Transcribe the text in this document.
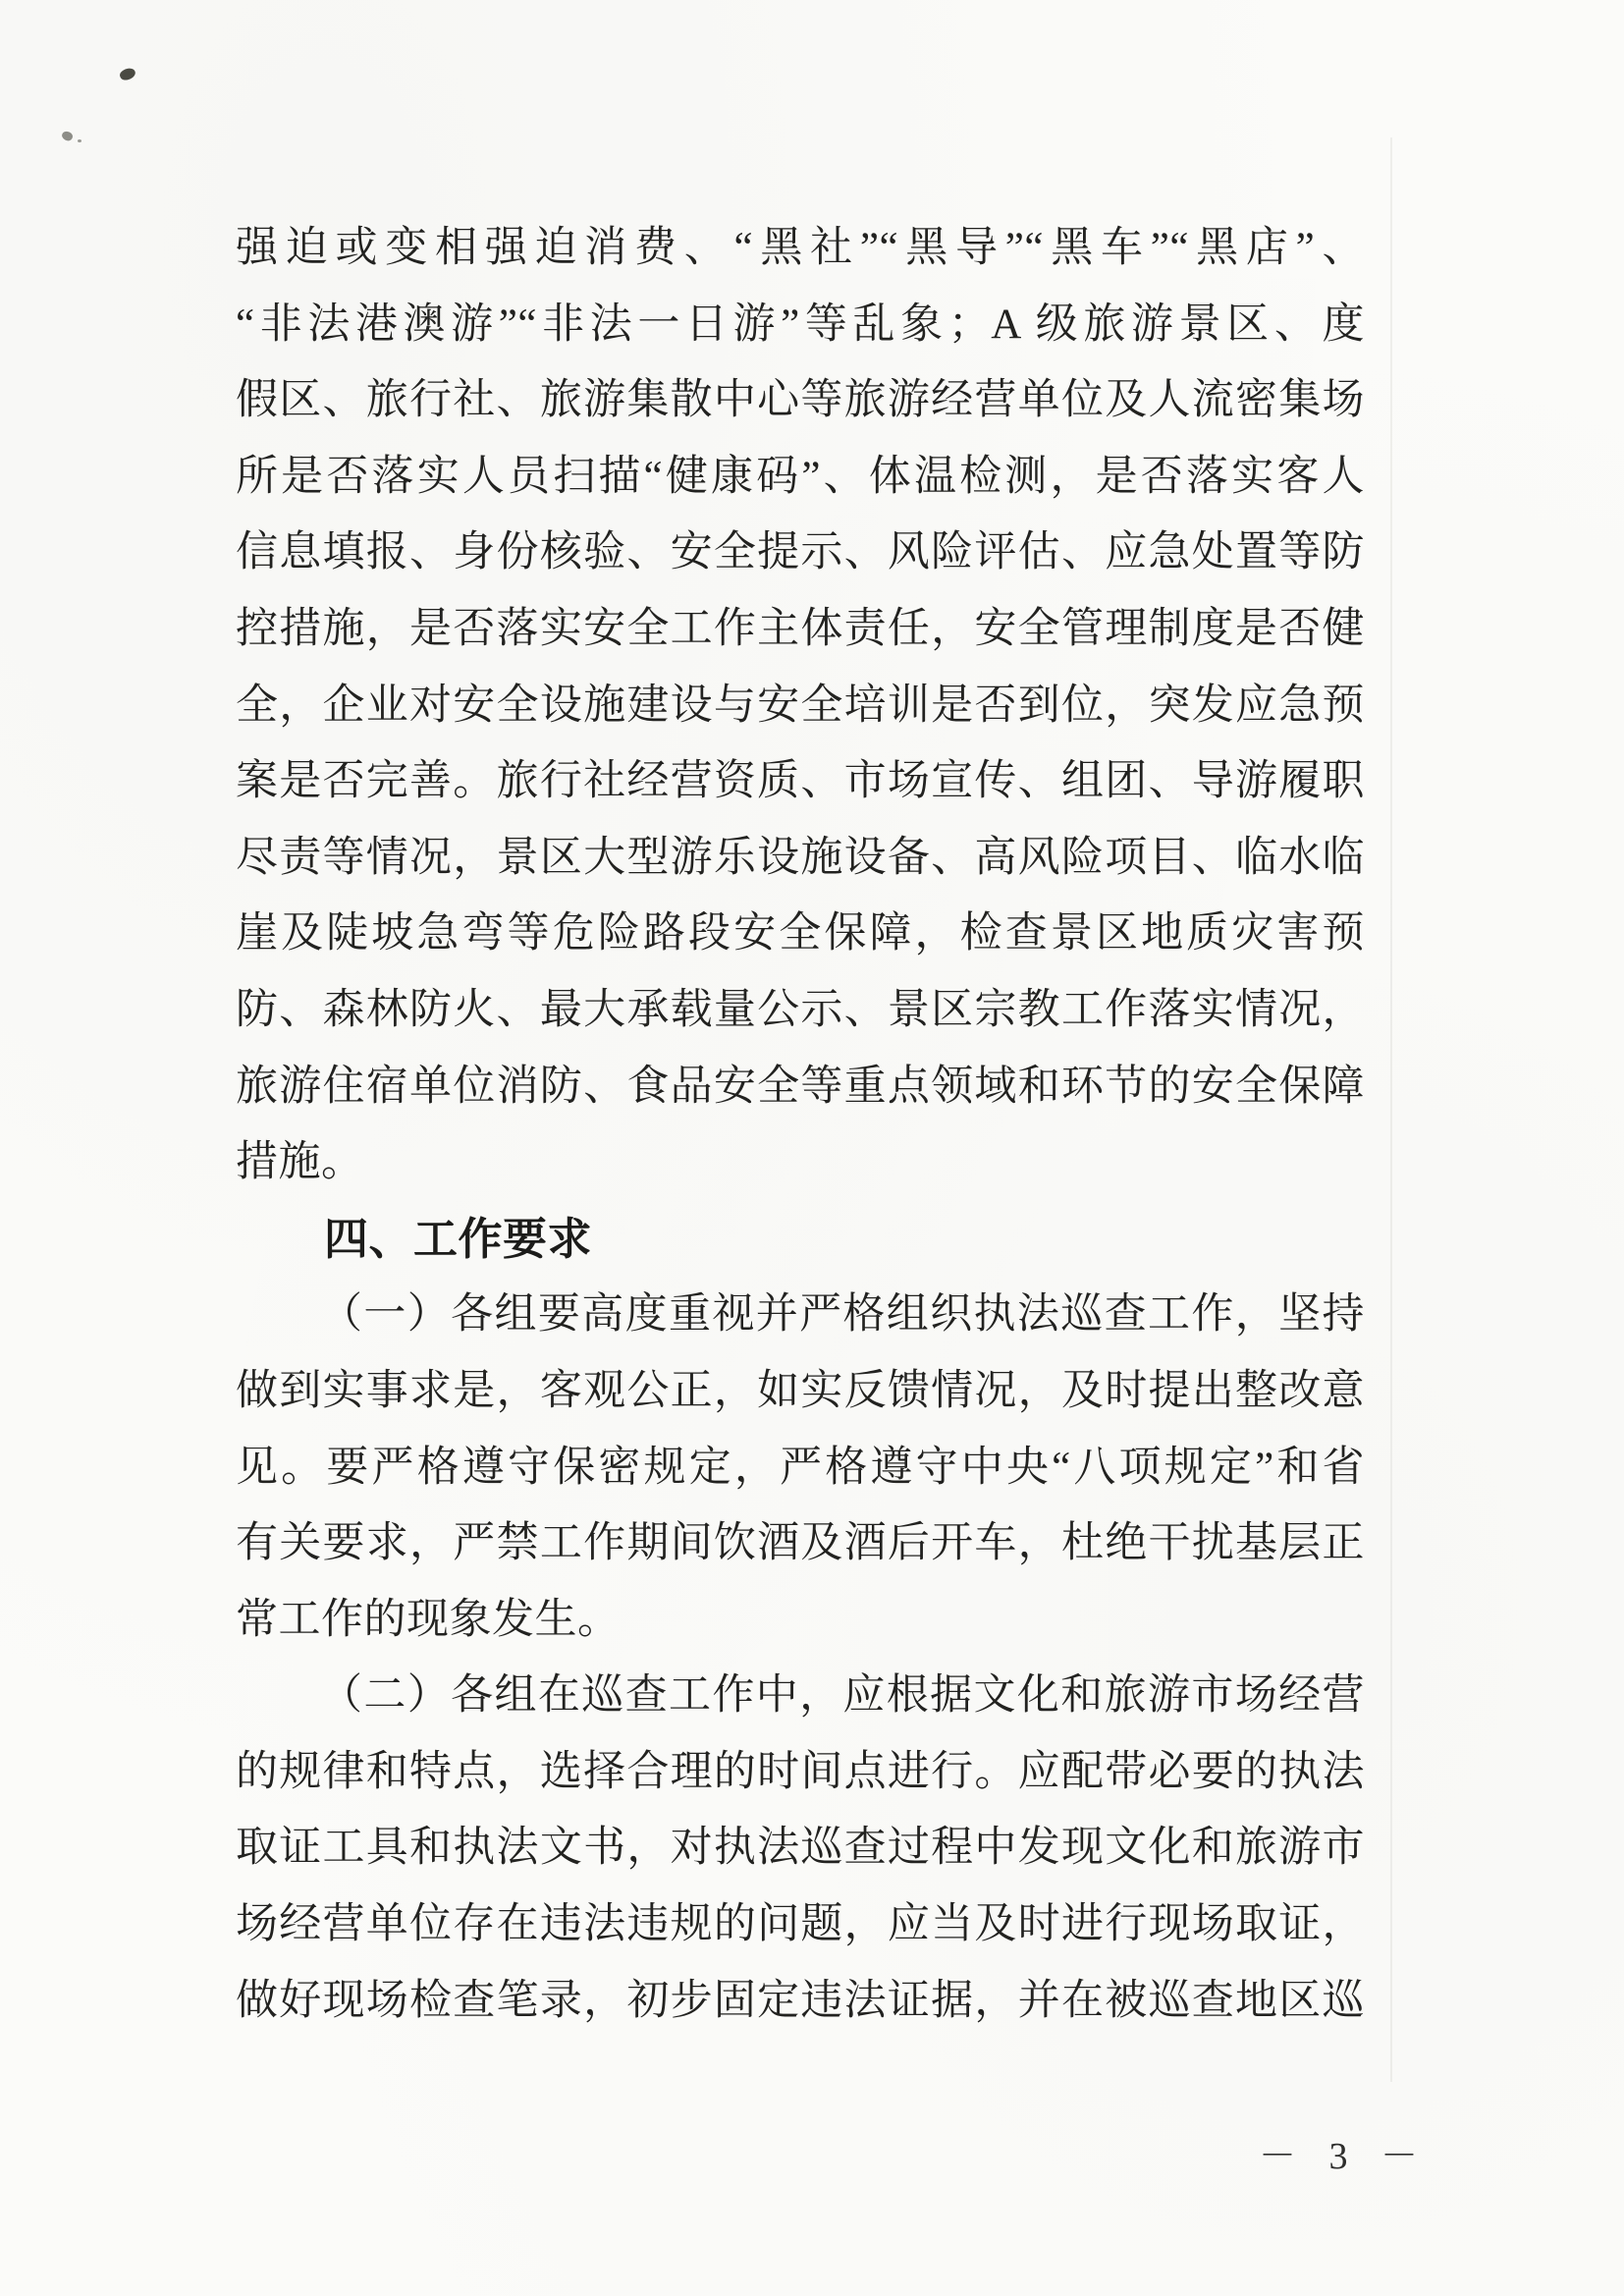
强迫或变相强迫消费、“黑社”“黑导”“黑车”“黑店”、
“非法港澳游”“非法一日游”等乱象；A 级旅游景区、度
假区、旅行社、旅游集散中心等旅游经营单位及人流密集场
所是否落实人员扫描“健康码”、体温检测，是否落实客人
信息填报、身份核验、安全提示、风险评估、应急处置等防
控措施，是否落实安全工作主体责任，安全管理制度是否健
全，企业对安全设施建设与安全培训是否到位，突发应急预
案是否完善。旅行社经营资质、市场宣传、组团、导游履职
尽责等情况，景区大型游乐设施设备、高风险项目、临水临
崖及陡坡急弯等危险路段安全保障，检查景区地质灾害预
防、森林防火、最大承载量公示、景区宗教工作落实情况，
旅游住宿单位消防、食品安全等重点领域和环节的安全保障
措施。
四、工作要求
（一）各组要高度重视并严格组织执法巡查工作，坚持
做到实事求是，客观公正，如实反馈情况，及时提出整改意
见。要严格遵守保密规定，严格遵守中央“八项规定”和省
有关要求，严禁工作期间饮酒及酒后开车，杜绝干扰基层正
常工作的现象发生。
（二）各组在巡查工作中，应根据文化和旅游市场经营
的规律和特点，选择合理的时间点进行。应配带必要的执法
取证工具和执法文书，对执法巡查过程中发现文化和旅游市
场经营单位存在违法违规的问题，应当及时进行现场取证，
做好现场检查笔录，初步固定违法证据，并在被巡查地区巡
－ 3 －
